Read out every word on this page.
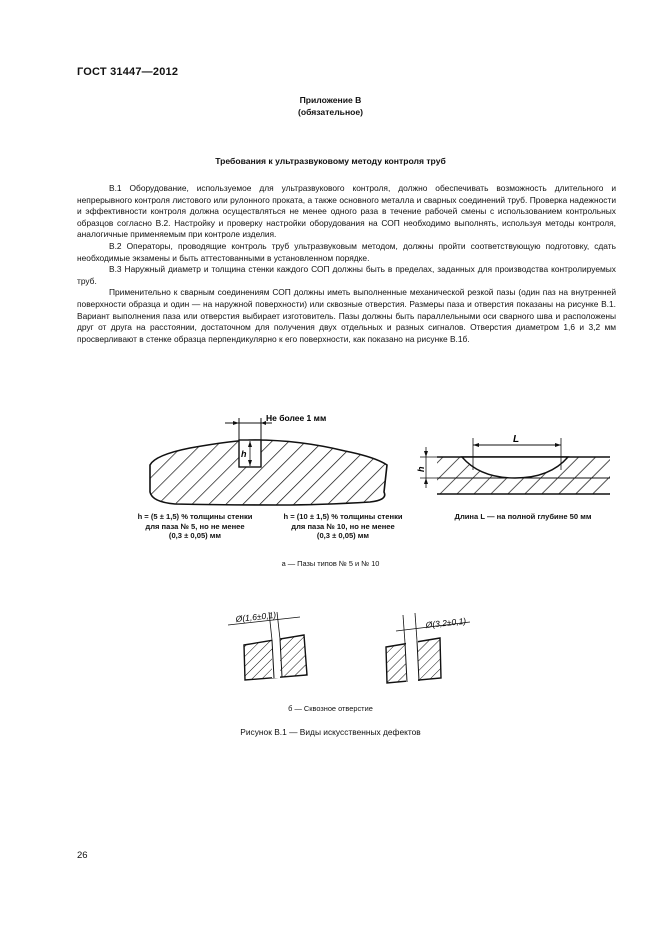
ГОСТ 31447—2012
Приложение В
(обязательное)
Требования к ультразвуковому методу контроля труб

В.1 Оборудование, используемое для ультразвукового контроля, должно обеспечивать возможность длительного и непрерывного контроля листового или рулонного проката, а также основного металла и сварных соединений труб. Проверка надежности и эффективности контроля должна осуществляться не менее одного раза в течение рабочей смены с использованием контрольных образцов согласно В.2. Настройку и проверку настройки оборудования на СОП необходимо выполнять, используя методы контроля, аналогичные применяемым при контроле изделия.

В.2 Операторы, проводящие контроль труб ультразвуковым методом, должны пройти соответствующую подготовку, сдать необходимые экзамены и быть аттестованными в установленном порядке.

В.3 Наружный диаметр и толщина стенки каждого СОП должны быть в пределах, заданных для производства контролируемых труб.

Применительно к сварным соединениям СОП должны иметь выполненные механической резкой пазы (один паз на внутренней поверхности образца и один — на наружной поверхности) или сквозные отверстия. Размеры паза и отверстия показаны на рисунке В.1. Вариант выполнения паза или отверстия выбирает изготовитель. Пазы должны быть параллельными оси сварного шва и расположены друг от друга на расстоянии, достаточном для получения двух отдельных и разных сигналов. Отверстия диаметром 1,6 и 3,2 мм просверливают в стенке образца перпендикулярно к его поверхности, как показано на рисунке В.1б.

Не более 1 мм
h
L
h
Ø(1,6±0,1)	Ø(3,2±0,1)
h = (5 ± 1,5) % толщины стенки
для паза № 5, но не менее
(0,3 ± 0,05) мм
h = (10 ± 1,5) % толщины стенки
для паза № 10, но не менее
(0,3 ± 0,05) мм
Длина L — на полной глубине 50 мм
а — Пазы типов № 5 и № 10
б — Сквозное отверстие
Рисунок В.1 — Виды искусственных дефектов
26
